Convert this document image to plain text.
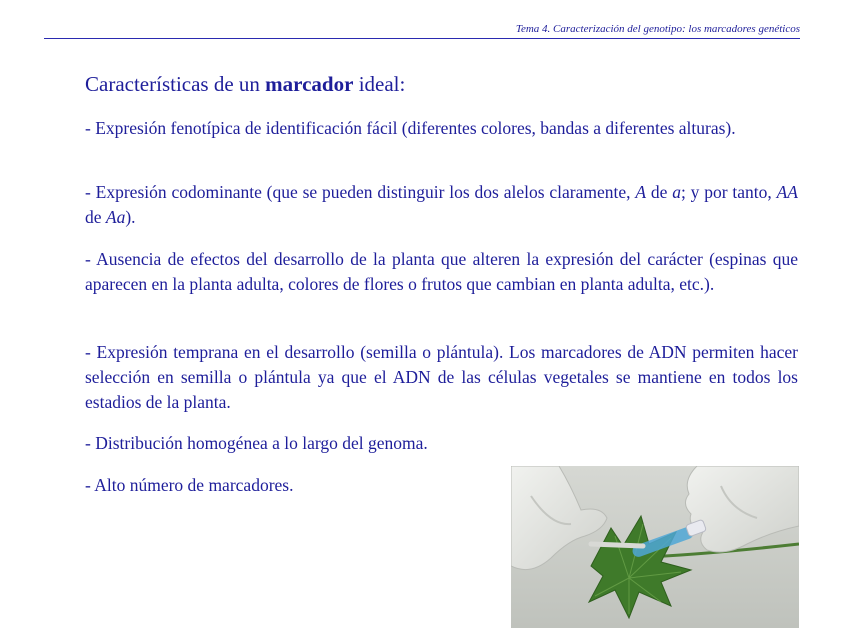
Tema 4. Caracterización del genotipo: los marcadores genéticos
Características de un marcador ideal:

- Expresión fenotípica de identificación fácil (diferentes colores, bandas a diferentes alturas).

- Expresión codominante (que se pueden distinguir los dos alelos claramente, A de a; y por tanto, AA de Aa).

- Ausencia de efectos del desarrollo de la planta que alteren la expresión del carácter (espinas que aparecen en la planta adulta, colores de flores o frutos que cambian en planta adulta, etc.).

- Expresión temprana en el desarrollo (semilla o plántula). Los marcadores de ADN permiten hacer selección en semilla o plántula ya que el ADN de las células vegetales se mantiene en todos los estadios de la planta.

- Distribución homogénea a lo largo del genoma.

- Alto número de marcadores.
